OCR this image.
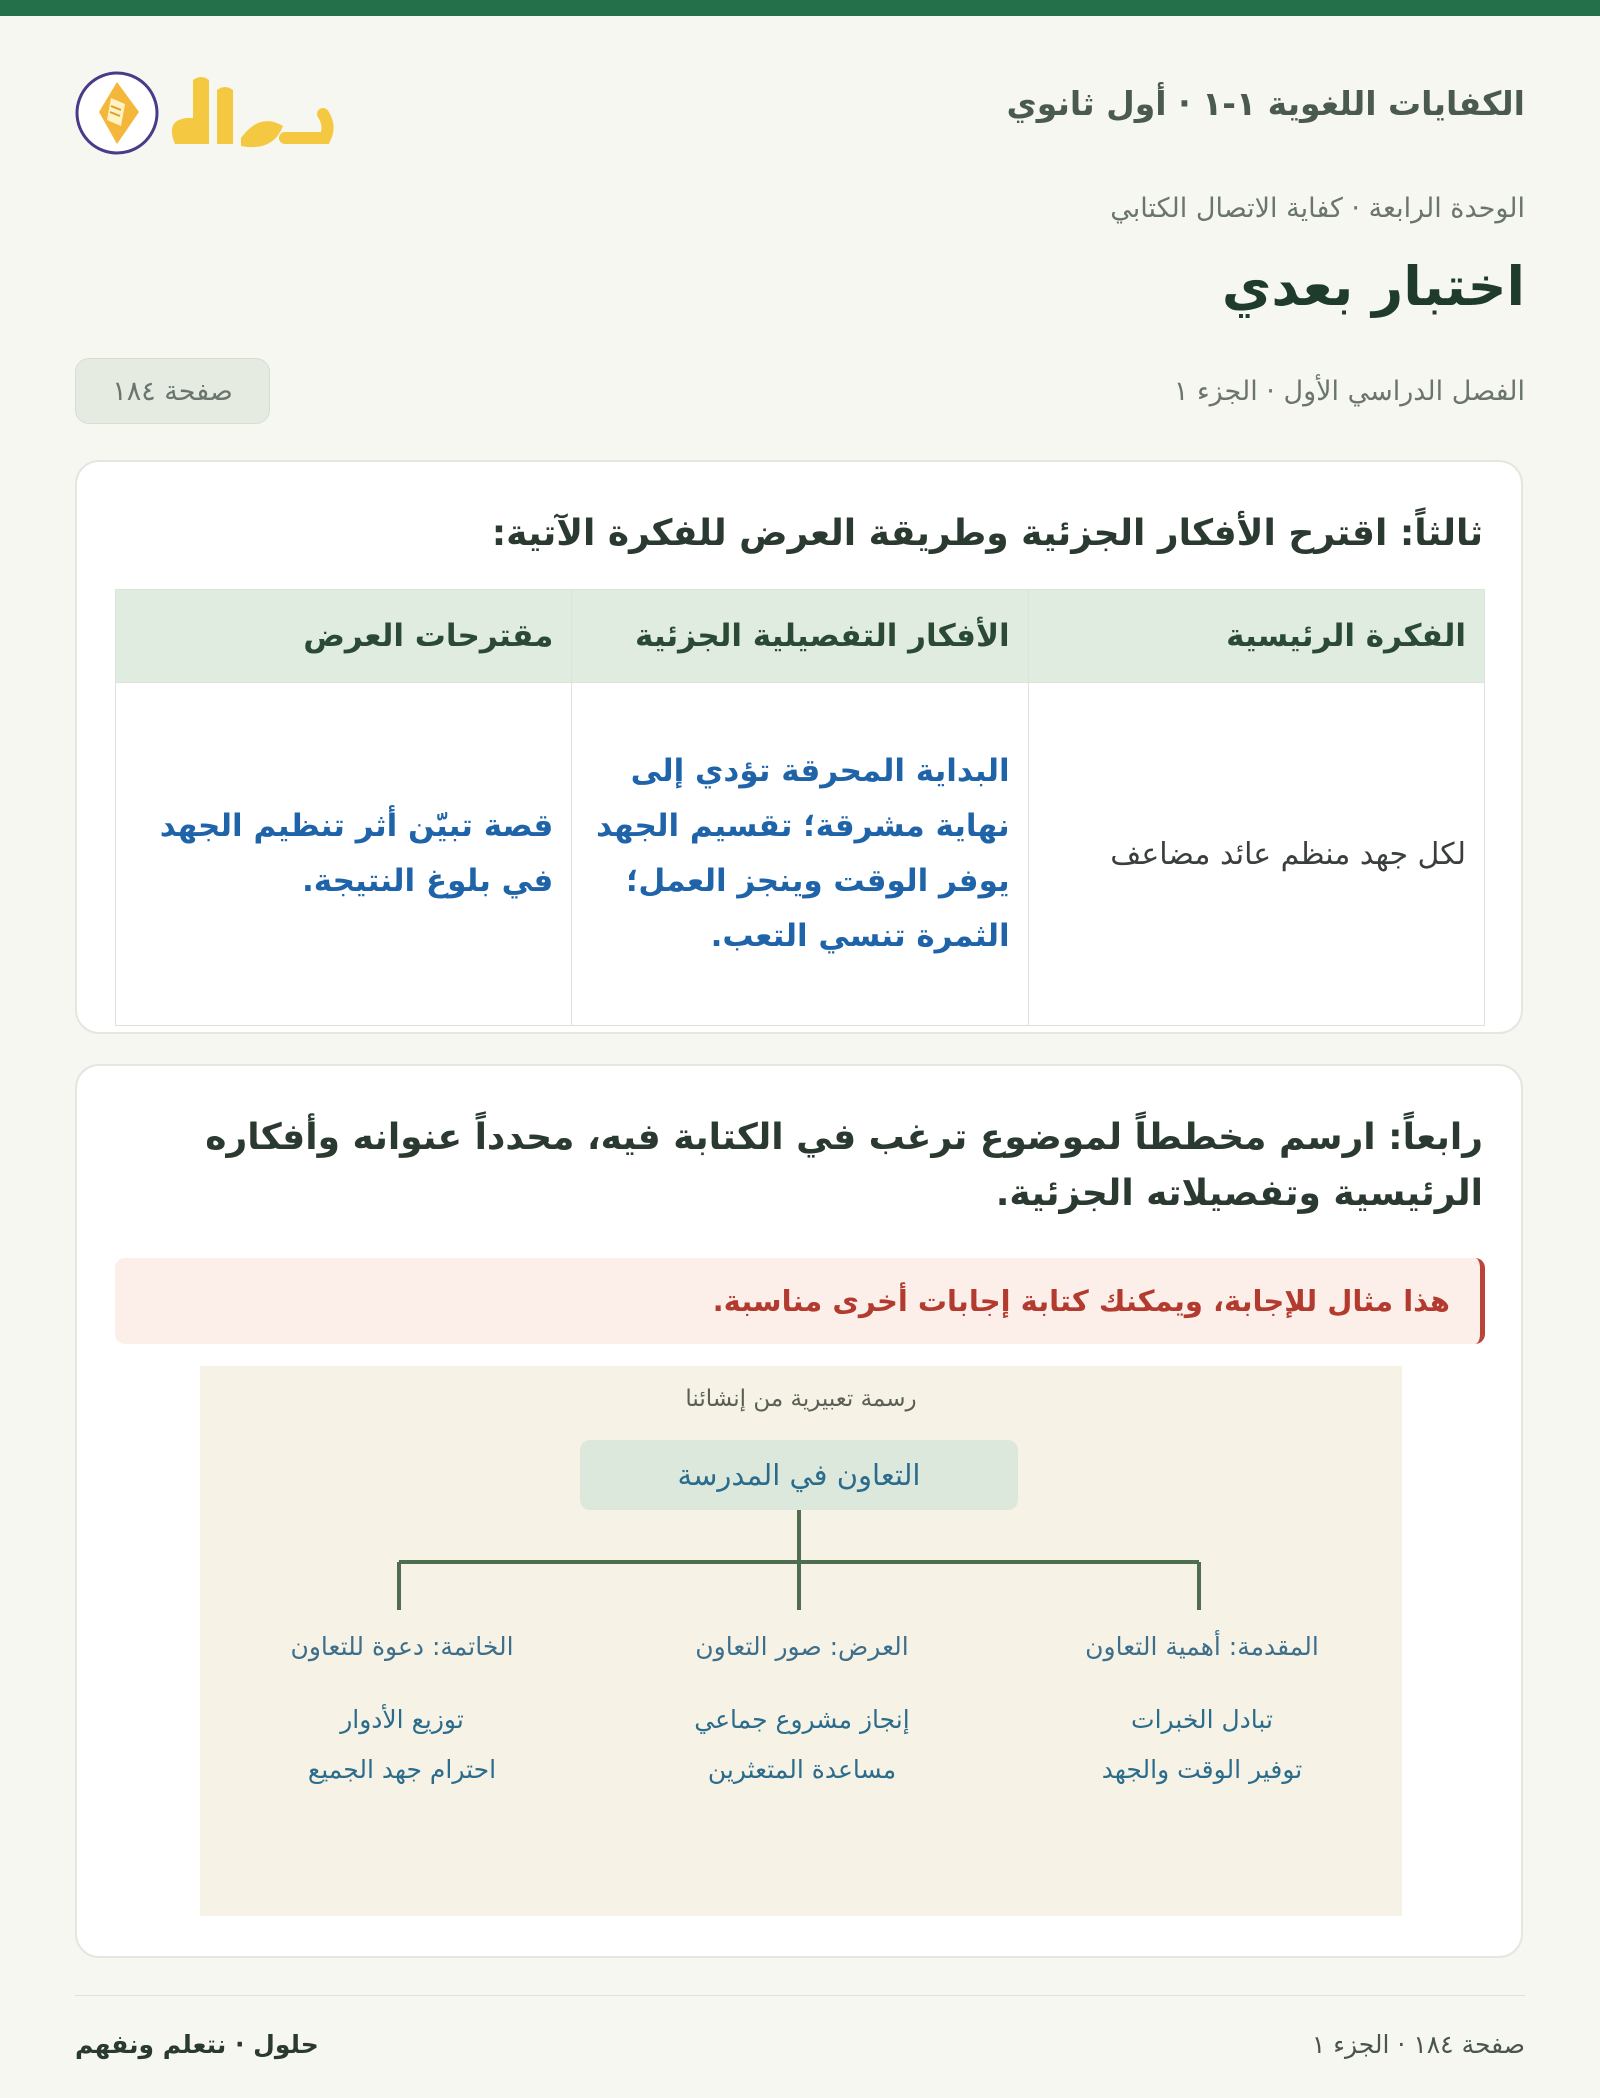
الكفايات اللغوية ١-١ · أول ثانوي
الوحدة الرابعة · كفاية الاتصال الكتابي
اختبار بعدي
الفصل الدراسي الأول · الجزء ١
صفحة ١٨٤
ثالثاً: اقترح الأفكار الجزئية وطريقة العرض للفكرة الآتية:
الفكرة الرئيسية	الأفكار التفصيلية الجزئية	مقترحات العرض
لكل جهد منظم عائد مضاعف	البداية المحرقة تؤدي إلى نهاية مشرقة؛ تقسيم الجهد يوفر الوقت وينجز العمل؛ الثمرة تنسي التعب.	قصة تبيّن أثر تنظيم الجهد في بلوغ النتيجة.
رابعاً: ارسم مخططاً لموضوع ترغب في الكتابة فيه، محدداً عنوانه وأفكاره الرئيسية وتفصيلاته الجزئية.
هذا مثال للإجابة، ويمكنك كتابة إجابات أخرى مناسبة.
رسمة تعبيرية من إنشائنا
التعاون في المدرسة
المقدمة: أهمية التعاون
تبادل الخبرات
توفير الوقت والجهد
العرض: صور التعاون
إنجاز مشروع جماعي
مساعدة المتعثرين
الخاتمة: دعوة للتعاون
توزيع الأدوار
احترام جهد الجميع
حلول · نتعلم ونفهم	صفحة ١٨٤ · الجزء ١
